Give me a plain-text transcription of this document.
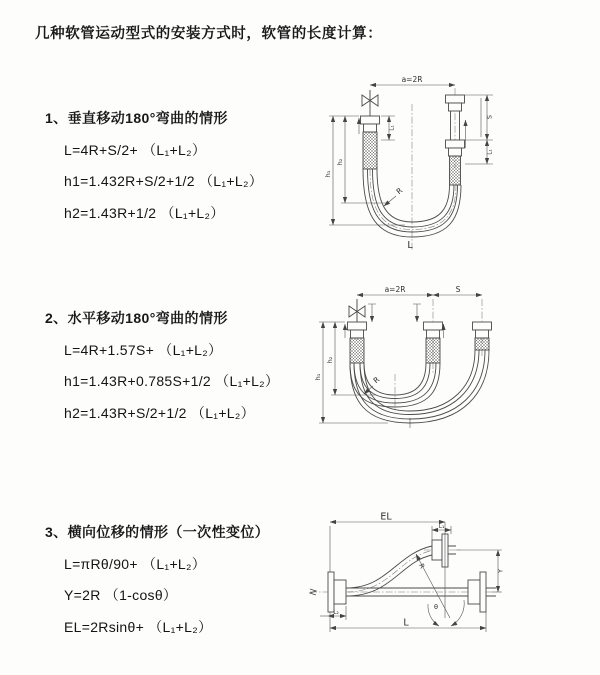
几种软管运动型式的安装方式时，软管的长度计算：

1、垂直移动180°弯曲的情形

L=4R+S/2+ （L₁+L₂）

h1=1.432R+S/2+1/2 （L₁+L₂）

h2=1.43R+1/2 （L₁+L₂）

a=2R
h₁
h₂
L₁
S
L₁
R
L

2、水平移动180°弯曲的情形

L=4R+1.57S+ （L₁+L₂）

h1=1.43R+0.785S+1/2 （L₁+L₂）

h2=1.43R+S/2+1/2 （L₁+L₂）

a=2R	S
h₁
h₂
R

3、横向位移的情形（一次性变位）

L=πRθ/90+ （L₁+L₂）

Y=2R （1-cosθ）

EL=2Rsinθ+ （L₁+L₂）

EL
L₁
Y
R
θ
L
L₂
